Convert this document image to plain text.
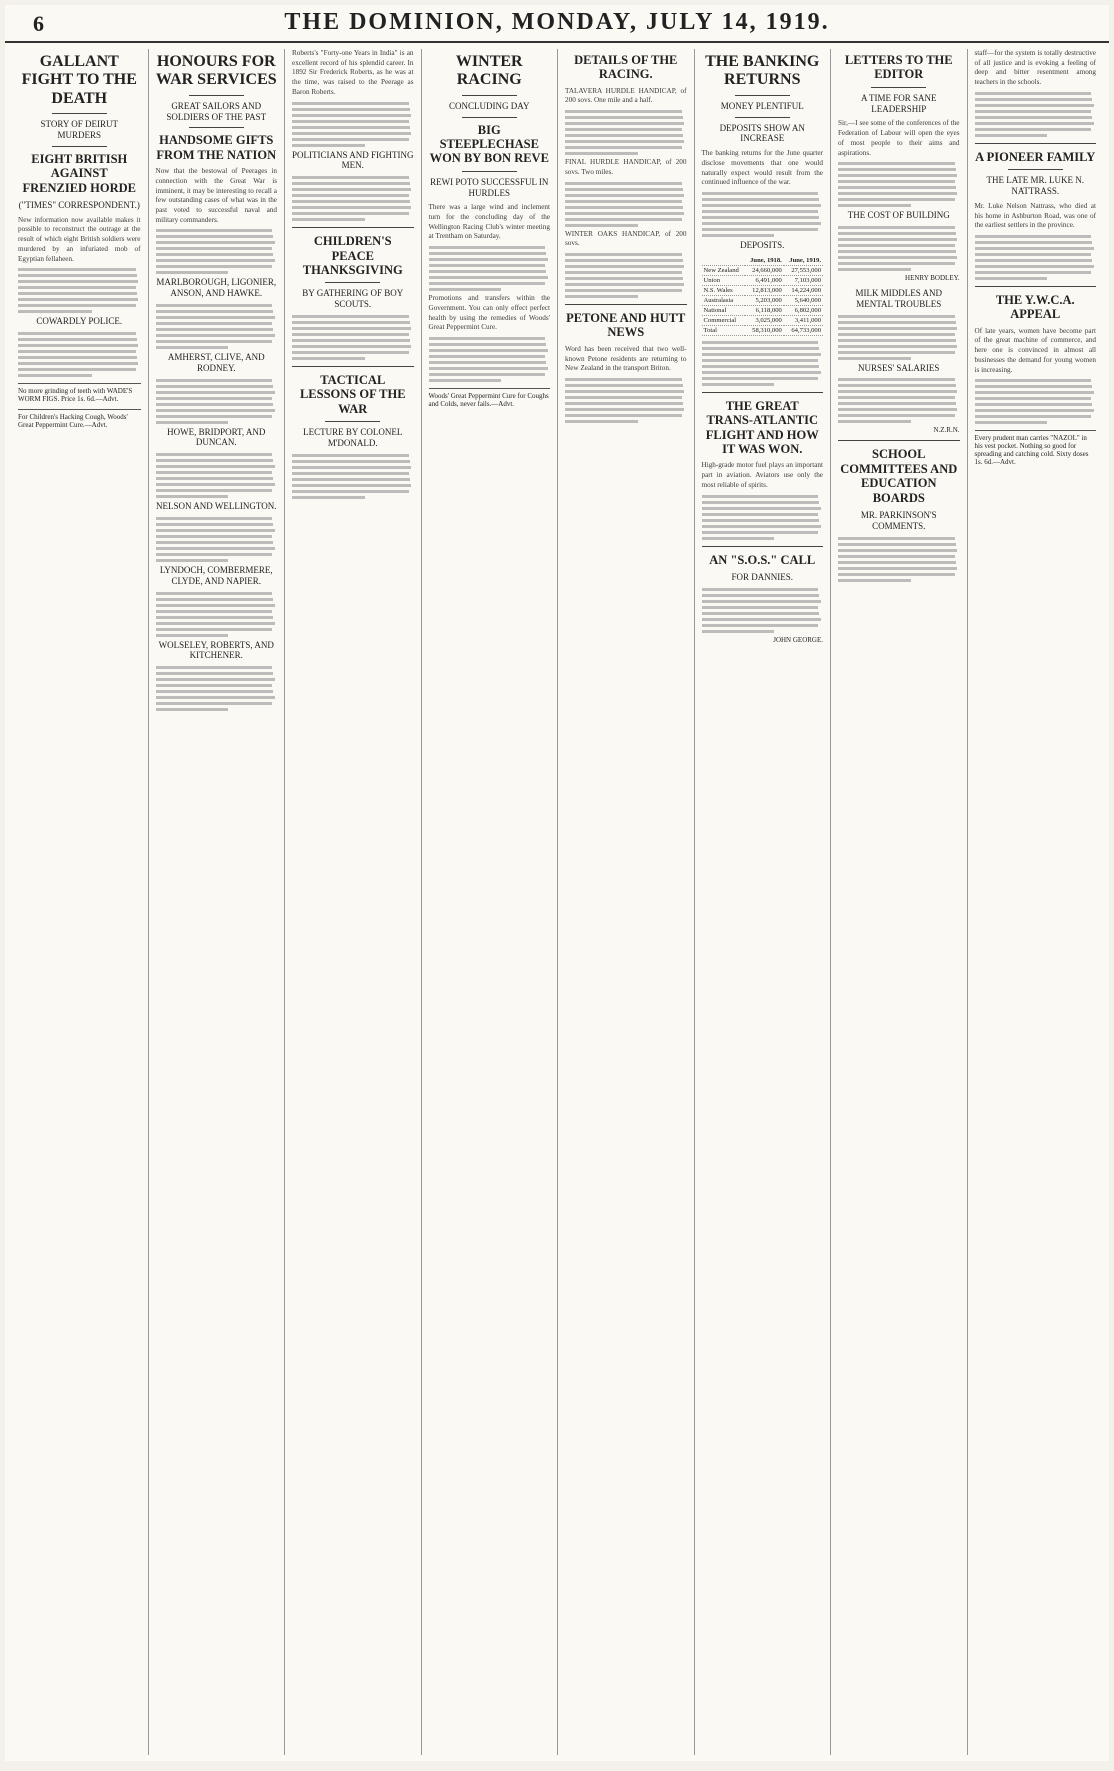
6	THE DOMINION, MONDAY, JULY 14, 1919.
GALLANT FIGHT TO THE DEATH
STORY OF DEIRUT MURDERS
EIGHT BRITISH AGAINST FRENZIED HORDE
("TIMES" CORRESPONDENT.)

New information now available makes it possible to reconstruct the outrage at the result of which eight British soldiers were murdered by an infuriated mob of Egyptian fellaheen.

COWARDLY POLICE.
No more grinding of teeth with WADE'S WORM FIGS. Price 1s. 6d.—Advt.
For Children's Hacking Cough, Woods' Great Peppermint Cure.—Advt.
HONOURS FOR WAR SERVICES
GREAT SAILORS AND SOLDIERS OF THE PAST
HANDSOME GIFTS FROM THE NATION

Now that the bestowal of Peerages in connection with the Great War is imminent, it may be interesting to recall a few outstanding cases of what was in the past voted to successful naval and military commanders.

MARLBOROUGH, LIGONIER, ANSON, AND HAWKE.
AMHERST, CLIVE, AND RODNEY.
HOWE, BRIDPORT, AND DUNCAN.
NELSON AND WELLINGTON.
LYNDOCH, COMBERMERE, CLYDE, AND NAPIER.
WOLSELEY, ROBERTS, AND KITCHENER.

Roberts's "Forty-one Years in India" is an excellent record of his splendid career. In 1892 Sir Frederick Roberts, as he was at the time, was raised to the Peerage as Baron Roberts.

POLITICIANS AND FIGHTING MEN.
CHILDREN'S PEACE THANKSGIVING
BY GATHERING OF BOY SCOUTS.
TACTICAL LESSONS OF THE WAR
LECTURE BY COLONEL M'DONALD.
WINTER RACING
CONCLUDING DAY
BIG STEEPLECHASE WON BY BON REVE
REWI POTO SUCCESSFUL IN HURDLES

There was a large wind and inclement turn for the concluding day of the Wellington Racing Club's winter meeting at Trentham on Saturday.

Promotions and transfers within the Government. You can only effect perfect health by using the remedies of Woods' Great Peppermint Cure.

Woods' Great Peppermint Cure for Coughs and Colds, never fails.—Advt.
DETAILS OF THE RACING.

TALAVERA HURDLE HANDICAP, of 200 sovs. One mile and a half.

FINAL HURDLE HANDICAP, of 200 sovs. Two miles.

WINTER OAKS HANDICAP, of 200 sovs.

PETONE AND HUTT NEWS

Word has been received that two well-known Petone residents are returning to New Zealand in the transport Briton.

THE BANKING RETURNS
MONEY PLENTIFUL
DEPOSITS SHOW AN INCREASE

The banking returns for the June quarter disclose movements that one would naturally expect would result from the continued influence of the war.

DEPOSITS.
	June, 1918.	June, 1919.
New Zealand	24,660,000	27,553,000
Union	6,491,000	7,103,000
N.S. Wales	12,813,000	14,224,000
Australasia	5,203,000	5,640,000
National	6,118,000	6,802,000
Commercial	3,025,000	3,411,000
Total	58,310,000	64,733,000
THE GREAT TRANS-ATLANTIC FLIGHT AND HOW IT WAS WON.

High-grade motor fuel plays an important part in aviation. Aviators use only the most reliable of spirits.

AN "S.O.S." CALL
FOR DANNIES.
JOHN GEORGE.
LETTERS TO THE EDITOR
A TIME FOR SANE LEADERSHIP

Sir,—I see some of the conferences of the Federation of Labour will open the eyes of most people to their aims and aspirations.

THE COST OF BUILDING
HENRY BODLEY.
MILK MIDDLES AND MENTAL TROUBLES
NURSES' SALARIES
N.Z.R.N.
SCHOOL COMMITTEES AND EDUCATION BOARDS
MR. PARKINSON'S COMMENTS.

staff—for the system is totally destructive of all justice and is evoking a feeling of deep and bitter resentment among teachers in the schools.

A PIONEER FAMILY
THE LATE MR. LUKE N. NATTRASS.

Mr. Luke Nelson Nattrass, who died at his home in Ashburton Road, was one of the earliest settlers in the province.

THE Y.W.C.A. APPEAL

Of late years, women have become part of the great machine of commerce, and here one is convinced in almost all businesses the demand for young women is increasing.

Every prudent man carries "NAZOL" in his vest pocket. Nothing so good for spreading and catching cold. Sixty doses 1s. 6d.—Advt.
